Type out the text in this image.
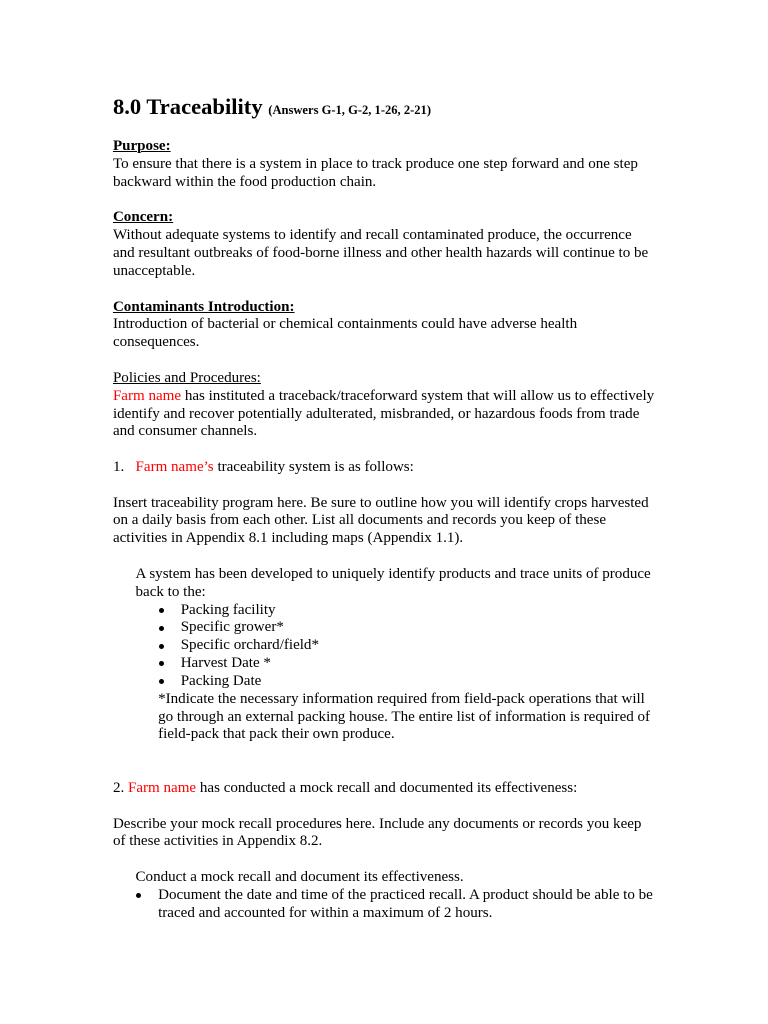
8.0 Traceability (Answers G-1, G-2, 1-26, 2-21)
Purpose:
To ensure that there is a system in place to track produce one step forward and one step
backward within the food production chain.
Concern:
Without adequate systems to identify and recall contaminated produce, the occurrence
and resultant outbreaks of food-borne illness and other health hazards will continue to be
unacceptable.
Contaminants Introduction:
Introduction of bacterial or chemical containments could have adverse health
consequences.
Policies and Procedures:
Farm name has instituted a traceback/traceforward system that will allow us to effectively
identify and recover potentially adulterated, misbranded, or hazardous foods from trade
and consumer channels.
1. Farm name’s traceability system is as follows:
Insert traceability program here. Be sure to outline how you will identify crops harvested
on a daily basis from each other. List all documents and records you keep of these
activities in Appendix 8.1 including maps (Appendix 1.1).
A system has been developed to uniquely identify products and trace units of produce
back to the:
Packing facility
Specific grower*
Specific orchard/field*
Harvest Date *
Packing Date
*Indicate the necessary information required from field-pack operations that will
go through an external packing house. The entire list of information is required of
field-pack that pack their own produce.
2. Farm name has conducted a mock recall and documented its effectiveness:
Describe your mock recall procedures here. Include any documents or records you keep
of these activities in Appendix 8.2.
Conduct a mock recall and document its effectiveness.
Document the date and time of the practiced recall. A product should be able to be
traced and accounted for within a maximum of 2 hours.
